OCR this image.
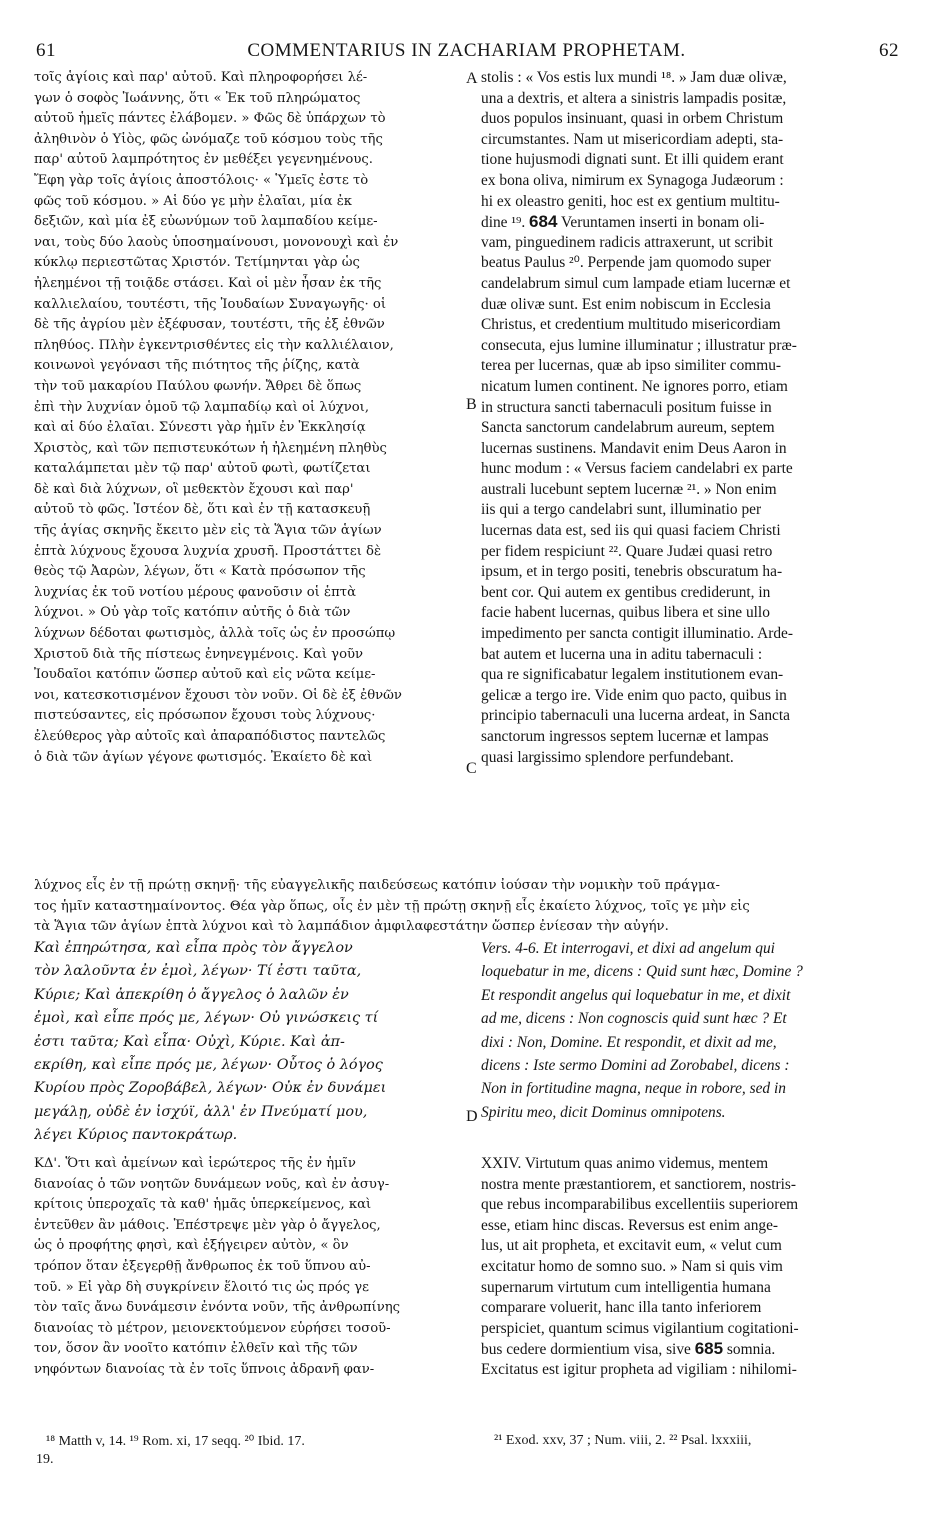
61	COMMENTARIUS IN ZACHARIAM PROPHETAM.	62
τοῖς ἁγίοις καὶ παρ' αὐτοῦ. Καὶ πληροφορήσει λέ-
γων ὁ σοφὸς Ἰωάννης, ὅτι « Ἐκ τοῦ πληρώματος
αὐτοῦ ἡμεῖς πάντες ἐλάβομεν. » Φῶς δὲ ὑπάρχων τὸ
ἀληθινὸν ὁ Υἱὸς, φῶς ὠνόμαζε τοῦ κόσμου τοὺς τῆς
παρ' αὐτοῦ λαμπρότητος ἐν μεθέξει γεγενημένους.
Ἔφη γὰρ τοῖς ἁγίοις ἀποστόλοις· « Ὑμεῖς ἐστε τὸ
φῶς τοῦ κόσμου. » Αἱ δύο γε μὴν ἐλαῖαι, μία ἐκ
δεξιῶν, καὶ μία ἐξ εὐωνύμων τοῦ λαμπαδίου κείμε-
ναι, τοὺς δύο λαοὺς ὑποσημαίνουσι, μονονουχὶ καὶ ἐν
κύκλῳ περιεστῶτας Χριστόν. Τετίμηνται γὰρ ὡς
ἠλεημένοι τῇ τοιᾷδε στάσει. Καὶ οἱ μὲν ἦσαν ἐκ τῆς
καλλιελαίου, τουτέστι, τῆς Ἰουδαίων Συναγωγῆς· οἱ
δὲ τῆς ἀγρίου μὲν ἐξέφυσαν, τουτέστι, τῆς ἐξ ἐθνῶν
πληθύος. Πλὴν ἐγκεντρισθέντες εἰς τὴν καλλιέλαιον,
κοινωνοὶ γεγόνασι τῆς πιότητος τῆς ῥίζης, κατὰ
τὴν τοῦ μακαρίου Παύλου φωνήν. Ἄθρει δὲ ὅπως
ἐπὶ τὴν λυχνίαν ὁμοῦ τῷ λαμπαδίῳ καὶ οἱ λύχνοι,
καὶ αἱ δύο ἐλαῖαι. Σύνεστι γὰρ ἡμῖν ἐν Ἐκκλησίᾳ
Χριστὸς, καὶ τῶν πεπιστευκότων ἡ ἠλεημένη πληθὺς
καταλάμπεται μὲν τῷ παρ' αὐτοῦ φωτὶ, φωτίζεται
δὲ καὶ διὰ λύχνων, οἳ μεθεκτὸν ἔχουσι καὶ παρ'
αὐτοῦ τὸ φῶς. Ἰστέον δὲ, ὅτι καὶ ἐν τῇ κατασκευῇ
τῆς ἁγίας σκηνῆς ἔκειτο μὲν εἰς τὰ Ἅγια τῶν ἁγίων
ἑπτὰ λύχνους ἔχουσα λυχνία χρυσῆ. Προστάττει δὲ
θεὸς τῷ Ἀαρὼν, λέγων, ὅτι « Κατὰ πρόσωπον τῆς
λυχνίας ἐκ τοῦ νοτίου μέρους φανοῦσιν οἱ ἑπτὰ
λύχνοι. » Οὐ γὰρ τοῖς κατόπιν αὐτῆς ὁ διὰ τῶν
λύχνων δέδοται φωτισμὸς, ἀλλὰ τοῖς ὡς ἐν προσώπῳ
Χριστοῦ διὰ τῆς πίστεως ἐνηνεγμένοις. Καὶ γοῦν
Ἰουδαῖοι κατόπιν ὥσπερ αὐτοῦ καὶ εἰς νῶτα κείμε-
νοι, κατεσκοτισμένον ἔχουσι τὸν νοῦν. Οἱ δὲ ἐξ ἐθνῶν
πιστεύσαντες, εἰς πρόσωπον ἔχουσι τοὺς λύχνους·
ἐλεύθερος γὰρ αὐτοῖς καὶ ἀπαραπόδιστος παντελῶς
ὁ διὰ τῶν ἁγίων γέγονε φωτισμός. Ἐκαίετο δὲ καὶ
stolis : « Vos estis lux mundi ¹⁸. » Jam duæ olivæ,
una a dextris, et altera a sinistris lampadis positæ,
duos populos insinuant, quasi in orbem Christum
circumstantes. Nam ut misericordiam adepti, sta-
tione hujusmodi dignati sunt. Et illi quidem erant
ex bona oliva, nimirum ex Synagoga Judæorum :
hi ex oleastro geniti, hoc est ex gentium multitu-
dine ¹⁹. 684 Veruntamen inserti in bonam oli-
vam, pinguedinem radicis attraxerunt, ut scribit
beatus Paulus ²⁰. Perpende jam quomodo super
candelabrum simul cum lampade etiam lucernæ et
duæ olivæ sunt. Est enim nobiscum in Ecclesia
Christus, et credentium multitudo misericordiam
consecuta, ejus lumine illuminatur ; illustratur præ-
terea per lucernas, quæ ab ipso similiter commu-
nicatum lumen continent. Ne ignores porro, etiam
in structura sancti tabernaculi positum fuisse in
Sancta sanctorum candelabrum aureum, septem
lucernas sustinens. Mandavit enim Deus Aaron in
hunc modum : « Versus faciem candelabri ex parte
australi lucebunt septem lucernæ ²¹. » Non enim
iis qui a tergo candelabri sunt, illuminatio per
lucernas data est, sed iis qui quasi faciem Christi
per fidem respiciunt ²². Quare Judæi quasi retro
ipsum, et in tergo positi, tenebris obscuratum ha-
bent cor. Qui autem ex gentibus crediderunt, in
facie habent lucernas, quibus libera et sine ullo
impedimento per sancta contigit illuminatio. Arde-
bat autem et lucerna una in aditu tabernaculi :
qua re significabatur legalem institutionem evan-
gelicæ a tergo ire. Vide enim quo pacto, quibus in
principio tabernaculi una lucerna ardeat, in Sancta
sanctorum ingressos septem lucernæ et lampas
quasi largissimo splendore perfundebant.
A
B
C
D
λύχνος εἷς ἐν τῇ πρώτῃ σκηνῇ· τῆς εὐαγγελικῆς παιδεύσεως κατόπιν ἰούσαν τὴν νομικὴν τοῦ πράγμα-
τος ἡμῖν καταστημαίνοντος. Θέα γὰρ ὅπως, οἷς ἐν μὲν τῇ πρώτῃ σκηνῇ εἷς ἐκαίετο λύχνος, τοῖς γε μὴν εἰς
τὰ Ἅγια τῶν ἁγίων ἑπτὰ λύχνοι καὶ τὸ λαμπάδιον ἀμφιλαφεστάτην ὥσπερ ἐνίεσαν τὴν αὐγήν.
Καὶ ἐπηρώτησα, καὶ εἶπα πρὸς τὸν ἄγγελον
τὸν λαλοῦντα ἐν ἐμοὶ, λέγων· Τί ἐστι ταῦτα,
Κύριε; Καὶ ἀπεκρίθη ὁ ἄγγελος ὁ λαλῶν ἐν
ἐμοὶ, καὶ εἶπε πρός με, λέγων· Οὐ γινώσκεις τί
ἐστι ταῦτα; Καὶ εἶπα· Οὐχὶ, Κύριε. Καὶ ἀπ-
εκρίθη, καὶ εἶπε πρός με, λέγων· Οὗτος ὁ λόγος
Κυρίου πρὸς Ζοροβάβελ, λέγων· Οὐκ ἐν δυνάμει
μεγάλῃ, οὐδὲ ἐν ἰσχύϊ, ἀλλ' ἐν Πνεύματί μου,
λέγει Κύριος παντοκράτωρ.
Vers. 4-6. Et interrogavi, et dixi ad angelum qui
loquebatur in me, dicens : Quid sunt hæc, Domine ?
Et respondit angelus qui loquebatur in me, et dixit
ad me, dicens : Non cognoscis quid sunt hæc ? Et
dixi : Non, Domine. Et respondit, et dixit ad me,
dicens : Iste sermo Domini ad Zorobabel, dicens :
Non in fortitudine magna, neque in robore, sed in
Spiritu meo, dicit Dominus omnipotens.
ΚΔ'. Ὅτι καὶ ἀμείνων καὶ ἱερώτερος τῆς ἐν ἡμῖν
διανοίας ὁ τῶν νοητῶν δυνάμεων νοῦς, καὶ ἐν ἀσυγ-
κρίτοις ὑπεροχαῖς τὰ καθ' ἡμᾶς ὑπερκείμενος, καὶ
ἐντεῦθεν ἂν μάθοις. Ἐπέστρεψε μὲν γὰρ ὁ ἄγγελος,
ὡς ὁ προφήτης φησὶ, καὶ ἐξήγειρεν αὐτὸν, « ὃν
τρόπον ὅταν ἐξεγερθῇ ἄνθρωπος ἐκ τοῦ ὕπνου αὐ-
τοῦ. » Εἰ γὰρ δὴ συγκρίνειν ἕλοιτό τις ὡς πρός γε
τὸν ταῖς ἄνω δυνάμεσιν ἐνόντα νοῦν, τῆς ἀνθρωπίνης
διανοίας τὸ μέτρον, μειονεκτούμενον εὑρήσει τοσοῦ-
τον, ὅσον ἂν νοοῖτο κατόπιν ἐλθεῖν καὶ τῆς τῶν
νηφόντων διανοίας τὰ ἐν τοῖς ὕπνοις ἀδρανῆ φαν-
XXIV. Virtutum quas animo videmus, mentem
nostra mente præstantiorem, et sanctiorem, nostris-
que rebus incomparabilibus excellentiis superiorem
esse, etiam hinc discas. Reversus est enim ange-
lus, ut ait propheta, et excitavit eum, « velut cum
excitatur homo de somno suo. » Nam si quis vim
supernarum virtutum cum intelligentia humana
comparare voluerit, hanc illa tanto inferiorem
perspiciet, quantum scimus vigilantium cogitationi-
bus cedere dormientium visa, sive 685 somnia.
Excitatus est igitur propheta ad vigiliam : nihilomi-
¹⁸ Matth v, 14. ¹⁹ Rom. xi, 17 seqq. ²⁰ Ibid. 17.
19.
²¹ Exod. xxv, 37 ; Num. viii, 2. ²² Psal. lxxxiii,
